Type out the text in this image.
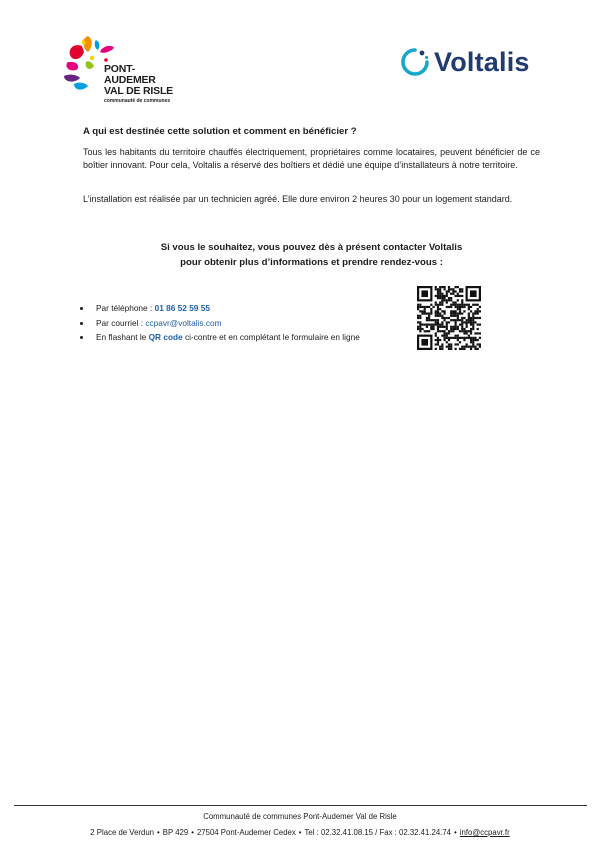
PONT-AUDEMER
VAL DE RISLE
communauté de communes
Voltalis
A qui est destinée cette solution et comment en bénéficier ?
Tous les habitants du territoire chauffés électriquement, propriétaires comme locataires, peuvent bénéficier de ce boîtier innovant. Pour cela, Voltalis a réservé des boîtiers et dédié une équipe d’installateurs à notre territoire.
L’installation est réalisée par un technicien agréé. Elle dure environ 2 heures 30 pour un logement standard.
Si vous le souhaitez, vous pouvez dès à présent contacter Voltalis
pour obtenir plus d’informations et prendre rendez-vous :
Par téléphone : 01 86 52 59 55
Par courriel : ccpavr@voltalis.com
En flashant le QR code ci-contre et en complétant le formulaire en ligne
Communauté de communes Pont-Audemer Val de Risle
2 Place de Verdun • BP 429 • 27504 Pont-Audemer Cedex • Tel : 02.32.41.08.15 / Fax : 02.32.41.24.74 • info@ccpavr.fr
